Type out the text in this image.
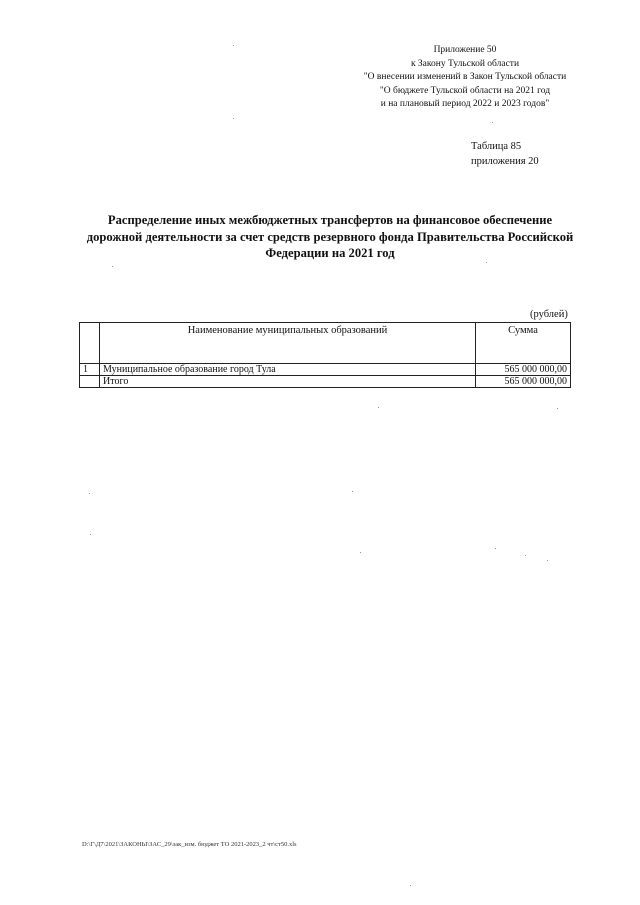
Приложение 50
к Закону Тульской области
"О внесении изменений в Закон Тульской области
"О бюджете Тульской области на 2021 год
и на плановый период 2022 и 2023 годов"
Таблица 85
приложения 20
Распределение иных межбюджетных трансфертов на финансовое обеспечение
дорожной деятельности за счет средств резервного фонда Правительства Российской
Федерации на 2021 год
(рублей)
	Наименование муниципальных образований	Сумма
1	Муниципальное образование город Тула	565 000 000,00
	Итого	565 000 000,00
D:\Г\Д7\2021\ЗАКОНЫ\ЗАС_29\зак_изм. бюджет ТО 2021-2023_2 чт\ст50.xls
